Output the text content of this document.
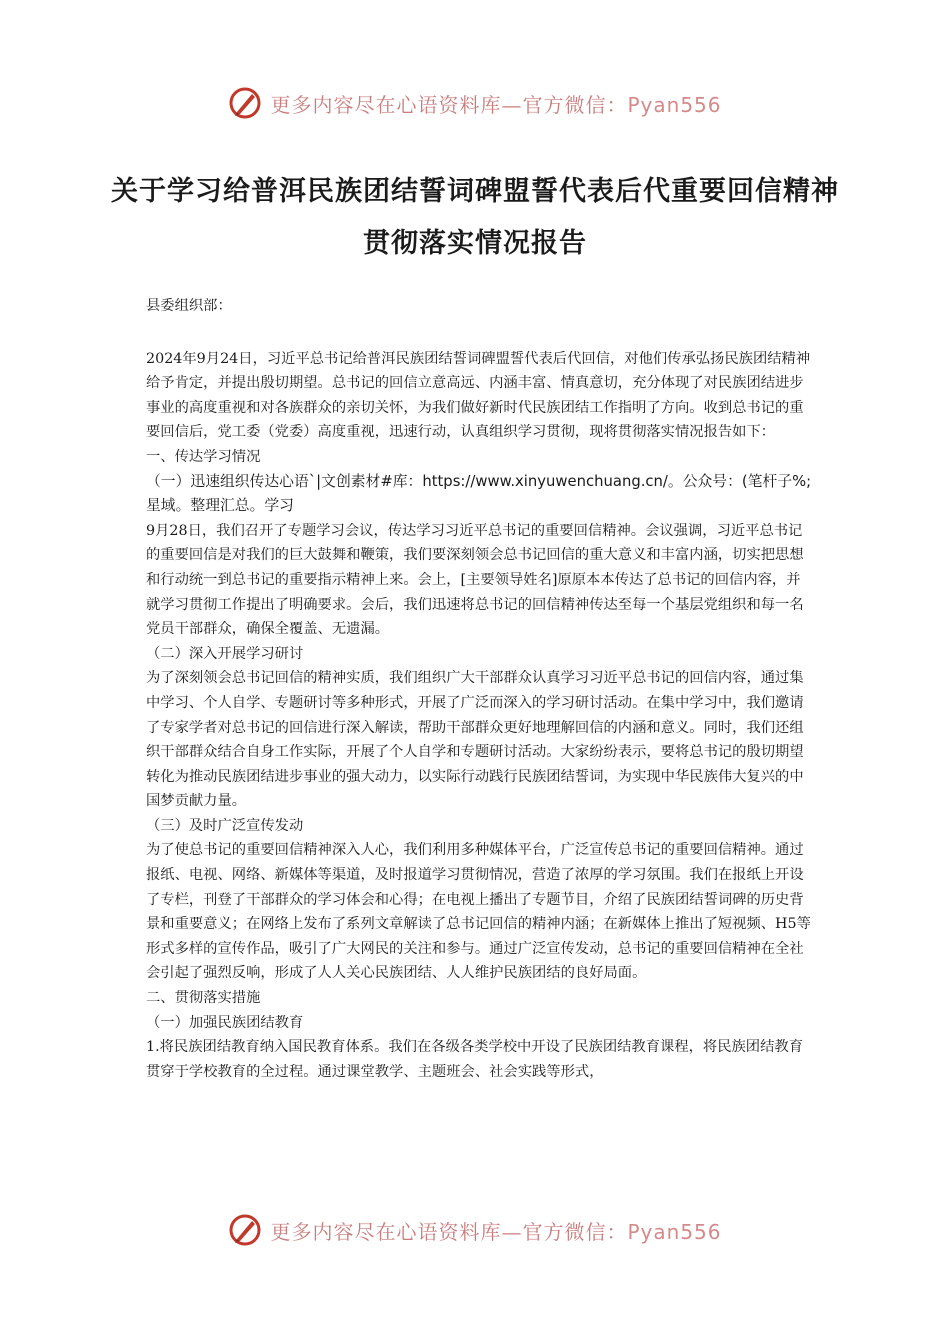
更多内容尽在心语资料库—官方微信：Pyan556
关于学习给普洱民族团结誓词碑盟誓代表后代重要回信精神贯彻落实情况报告

县委组织部：

2024年9月24日，习近平总书记给普洱民族团结誓词碑盟誓代表后代回信，对他们传承弘扬民族团结精神给予肯定，并提出殷切期望。总书记的回信立意高远、内涵丰富、情真意切，充分体现了对民族团结进步事业的高度重视和对各族群众的亲切关怀，为我们做好新时代民族团结工作指明了方向。收到总书记的重要回信后，党工委（党委）高度重视，迅速行动，认真组织学习贯彻，现将贯彻落实情况报告如下：

一、传达学习情况

（一）迅速组织传达心语`|文创素材#库：https://www.xinyuwenchuang.cn/。公众号：(笔杆子%;星域。整理汇总。学习

9月28日，我们召开了专题学习会议，传达学习习近平总书记的重要回信精神。会议强调，习近平总书记的重要回信是对我们的巨大鼓舞和鞭策，我们要深刻领会总书记回信的重大意义和丰富内涵，切实把思想和行动统一到总书记的重要指示精神上来。会上，[主要领导姓名]原原本本传达了总书记的回信内容，并就学习贯彻工作提出了明确要求。会后，我们迅速将总书记的回信精神传达至每一个基层党组织和每一名党员干部群众，确保全覆盖、无遗漏。

（二）深入开展学习研讨

为了深刻领会总书记回信的精神实质，我们组织广大干部群众认真学习习近平总书记的回信内容，通过集中学习、个人自学、专题研讨等多种形式，开展了广泛而深入的学习研讨活动。在集中学习中，我们邀请了专家学者对总书记的回信进行深入解读，帮助干部群众更好地理解回信的内涵和意义。同时，我们还组织干部群众结合自身工作实际，开展了个人自学和专题研讨活动。大家纷纷表示，要将总书记的殷切期望转化为推动民族团结进步事业的强大动力，以实际行动践行民族团结誓词，为实现中华民族伟大复兴的中国梦贡献力量。

（三）及时广泛宣传发动

为了使总书记的重要回信精神深入人心，我们利用多种媒体平台，广泛宣传总书记的重要回信精神。通过报纸、电视、网络、新媒体等渠道，及时报道学习贯彻情况，营造了浓厚的学习氛围。我们在报纸上开设了专栏，刊登了干部群众的学习体会和心得；在电视上播出了专题节目，介绍了民族团结誓词碑的历史背景和重要意义；在网络上发布了系列文章解读了总书记回信的精神内涵；在新媒体上推出了短视频、H5等形式多样的宣传作品，吸引了广大网民的关注和参与。通过广泛宣传发动，总书记的重要回信精神在全社会引起了强烈反响，形成了人人关心民族团结、人人维护民族团结的良好局面。

二、贯彻落实措施

（一）加强民族团结教育

1.将民族团结教育纳入国民教育体系。我们在各级各类学校中开设了民族团结教育课程，将民族团结教育贯穿于学校教育的全过程。通过课堂教学、主题班会、社会实践等形式，

更多内容尽在心语资料库—官方微信：Pyan556
